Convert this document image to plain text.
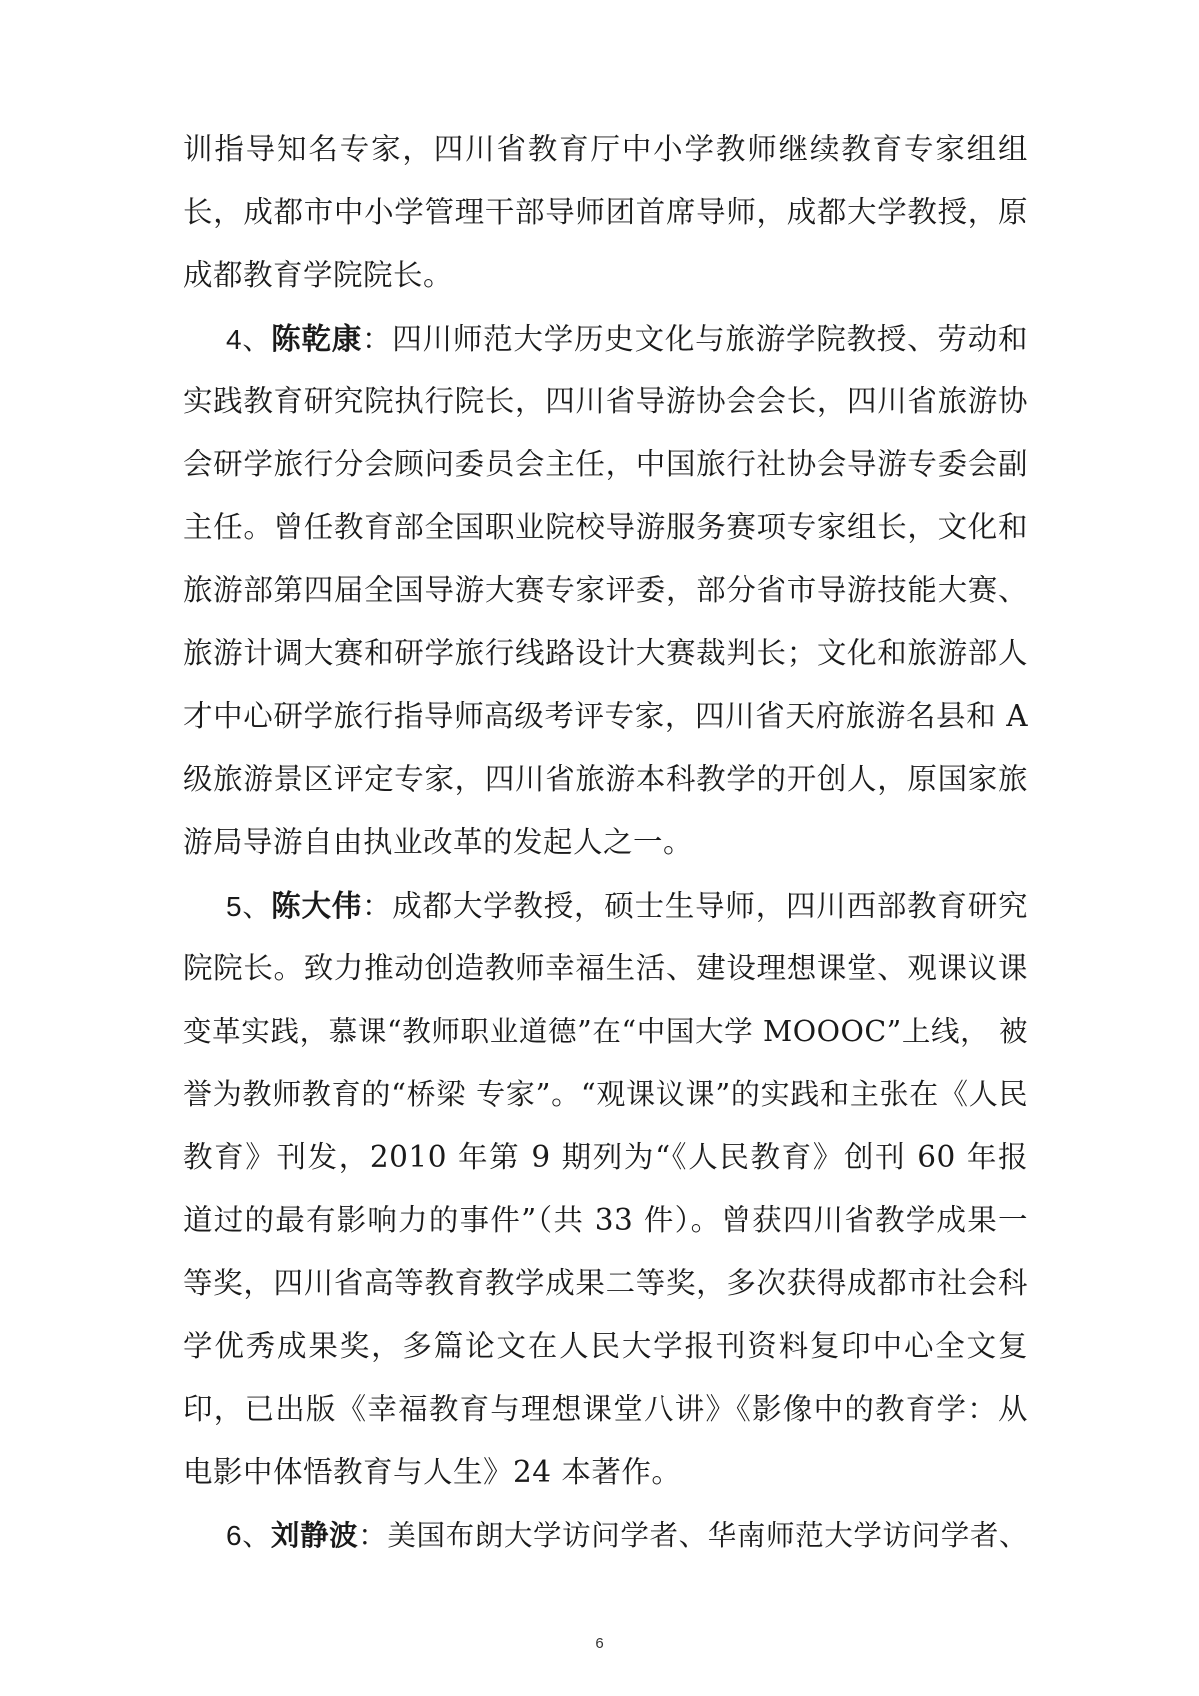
训指导知名专家，四川省教育厅中小学教师继续教育专家组组
长，成都市中小学管理干部导师团首席导师，成都大学教授，原
成都教育学院院长。
4、陈乾康：四川师范大学历史文化与旅游学院教授、劳动和
实践教育研究院执行院长，四川省导游协会会长，四川省旅游协
会研学旅行分会顾问委员会主任，中国旅行社协会导游专委会副
主任。曾任教育部全国职业院校导游服务赛项专家组长，文化和
旅游部第四届全国导游大赛专家评委，部分省市导游技能大赛、
旅游计调大赛和研学旅行线路设计大赛裁判长；文化和旅游部人
才中心研学旅行指导师高级考评专家，四川省天府旅游名县和 A
级旅游景区评定专家，四川省旅游本科教学的开创人，原国家旅
游局导游自由执业改革的发起人之一。
5、陈大伟：成都大学教授，硕士生导师，四川西部教育研究
院院长。致力推动创造教师幸福生活、建设理想课堂、观课议课
变革实践，慕课“教师职业道德”在“中国大学 MOOOC”上线， 被
誉为教师教育的“桥梁 专家”。“观课议课”的实践和主张在《人民
教育》刊发，2010 年第 9 期列为“《人民教育》创刊 60 年报
道过的最有影响力的事件”（共 33 件）。曾获四川省教学成果一
等奖，四川省高等教育教学成果二等奖，多次获得成都市社会科
学优秀成果奖，多篇论文在人民大学报刊资料复印中心全文复
印，已出版《幸福教育与理想课堂八讲》《影像中的教育学：从
电影中体悟教育与人生》24 本著作。
6、刘静波：美国布朗大学访问学者、华南师范大学访问学者、
6
